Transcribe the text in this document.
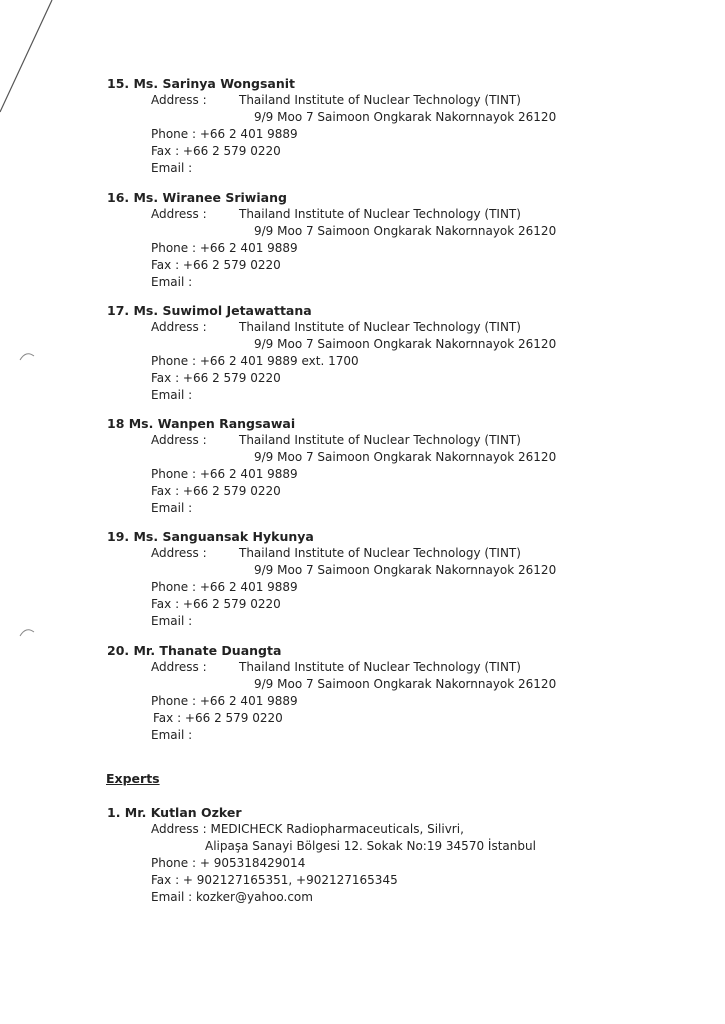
15. Ms. Sarinya Wongsanit
Address :	Thailand Institute of Nuclear Technology (TINT)
9/9 Moo 7 Saimoon Ongkarak Nakornnayok 26120
Phone : +66 2 401 9889
Fax : +66 2 579 0220
Email :
16. Ms. Wiranee Sriwiang
Address :	Thailand Institute of Nuclear Technology (TINT)
9/9 Moo 7 Saimoon Ongkarak Nakornnayok 26120
Phone : +66 2 401 9889
Fax : +66 2 579 0220
Email :
17. Ms. Suwimol Jetawattana
Address :	Thailand Institute of Nuclear Technology (TINT)
9/9 Moo 7 Saimoon Ongkarak Nakornnayok 26120
Phone : +66 2 401 9889 ext. 1700
Fax : +66 2 579 0220
Email :
18 Ms. Wanpen Rangsawai
Address :	Thailand Institute of Nuclear Technology (TINT)
9/9 Moo 7 Saimoon Ongkarak Nakornnayok 26120
Phone : +66 2 401 9889
Fax : +66 2 579 0220
Email :
19. Ms. Sanguansak Hykunya
Address :	Thailand Institute of Nuclear Technology (TINT)
9/9 Moo 7 Saimoon Ongkarak Nakornnayok 26120
Phone : +66 2 401 9889
Fax : +66 2 579 0220
Email :
20. Mr. Thanate Duangta
Address :	Thailand Institute of Nuclear Technology (TINT)
9/9 Moo 7 Saimoon Ongkarak Nakornnayok 26120
Phone : +66 2 401 9889
Fax : +66 2 579 0220
Email :
Experts
1. Mr. Kutlan Ozker
Address : MEDICHECK Radiopharmaceuticals, Silivri,
Alipaşa Sanayi Bölgesi 12. Sokak No:19 34570 İstanbul
Phone : + 905318429014
Fax : + 902127165351, +902127165345
Email : kozker@yahoo.com
